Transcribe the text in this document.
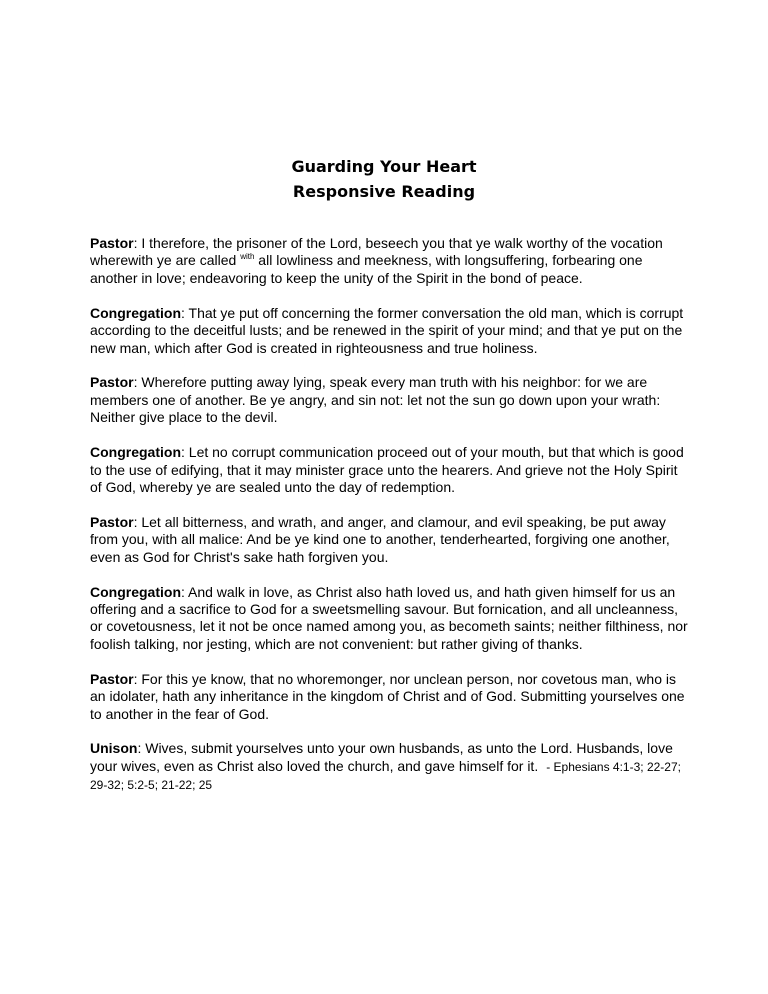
Guarding Your Heart
Responsive Reading

Pastor: I therefore, the prisoner of the Lord, beseech you that ye walk worthy of the vocation wherewith ye are called $^{with}$ all lowliness and meekness, with longsuffering, forbearing one another in love; endeavoring to keep the unity of the Spirit in the bond of peace.

Congregation: That ye put off concerning the former conversation the old man, which is corrupt according to the deceitful lusts; and be renewed in the spirit of your mind; and that ye put on the new man, which after God is created in righteousness and true holiness.

Pastor: Wherefore putting away lying, speak every man truth with his neighbor: for we are members one of another. Be ye angry, and sin not: let not the sun go down upon your wrath: Neither give place to the devil.

Congregation: Let no corrupt communication proceed out of your mouth, but that which is good to the use of edifying, that it may minister grace unto the hearers. And grieve not the Holy Spirit of God, whereby ye are sealed unto the day of redemption.

Pastor: Let all bitterness, and wrath, and anger, and clamour, and evil speaking, be put away from you, with all malice: And be ye kind one to another, tenderhearted, forgiving one another, even as God for Christ's sake hath forgiven you.

Congregation: And walk in love, as Christ also hath loved us, and hath given himself for us an offering and a sacrifice to God for a sweetsmelling savour. But fornication, and all uncleanness, or covetousness, let it not be once named among you, as becometh saints; neither filthiness, nor foolish talking, nor jesting, which are not convenient: but rather giving of thanks.

Pastor: For this ye know, that no whoremonger, nor unclean person, nor covetous man, who is an idolater, hath any inheritance in the kingdom of Christ and of God. Submitting yourselves one to another in the fear of God.

Unison: Wives, submit yourselves unto your own husbands, as unto the Lord. Husbands, love your wives, even as Christ also loved the church, and gave himself for it. - Ephesians 4:1-3; 22-27; 29-32; 5:2-5; 21-22; 25
